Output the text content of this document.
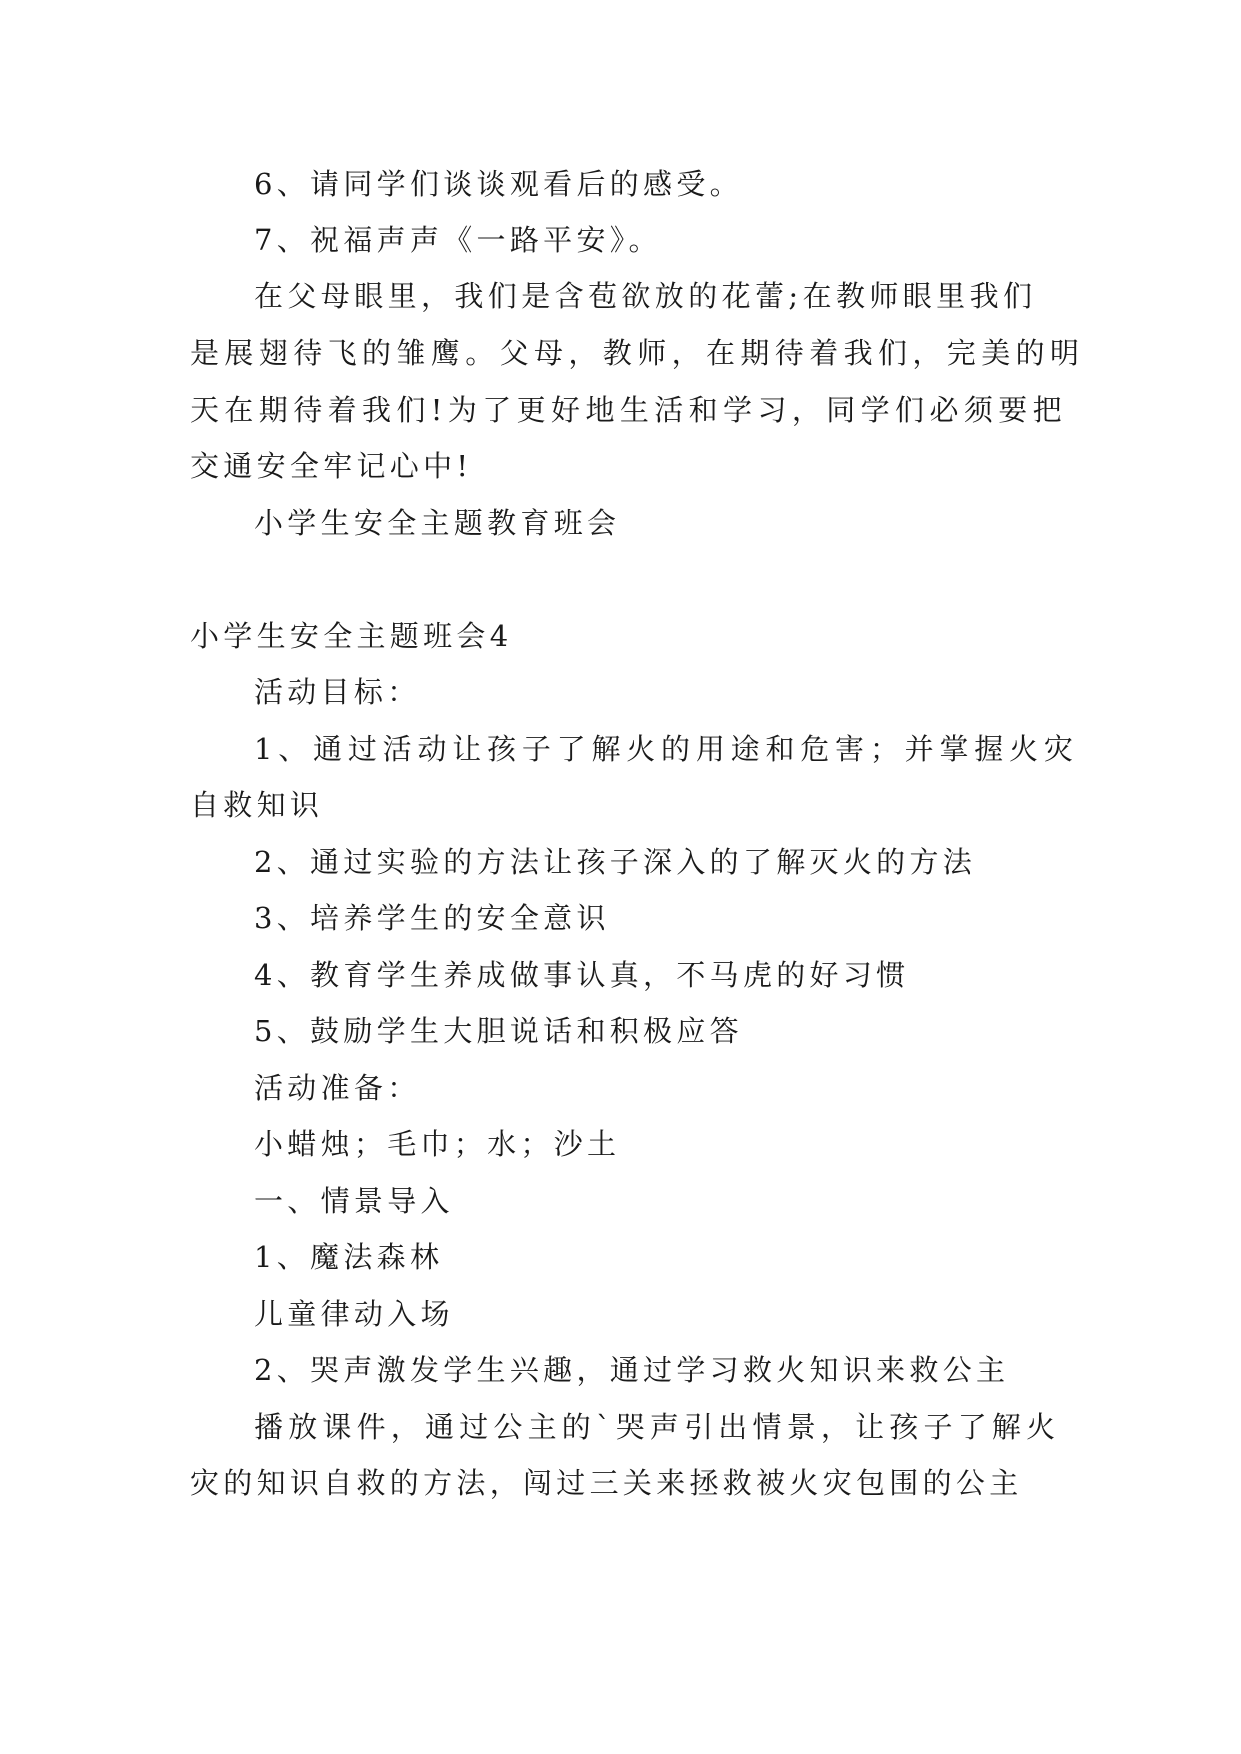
6、请同学们谈谈观看后的感受。

7、祝福声声《一路平安》。

在父母眼里，我们是含苞欲放的花蕾;在教师眼里我们

是展翅待飞的雏鹰。父母，教师，在期待着我们，完美的明

天在期待着我们!为了更好地生活和学习，同学们必须要把

交通安全牢记心中!

小学生安全主题教育班会

小学生安全主题班会4

活动目标：

1、通过活动让孩子了解火的用途和危害；并掌握火灾

自救知识

2、通过实验的方法让孩子深入的了解灭火的方法

3、培养学生的安全意识

4、教育学生养成做事认真，不马虎的好习惯

5、鼓励学生大胆说话和积极应答

活动准备：

小蜡烛；毛巾；水；沙土

一、情景导入

1、魔法森林

儿童律动入场

2、哭声激发学生兴趣，通过学习救火知识来救公主

播放课件，通过公主的`哭声引出情景，让孩子了解火

灾的知识自救的方法，闯过三关来拯救被火灾包围的公主
